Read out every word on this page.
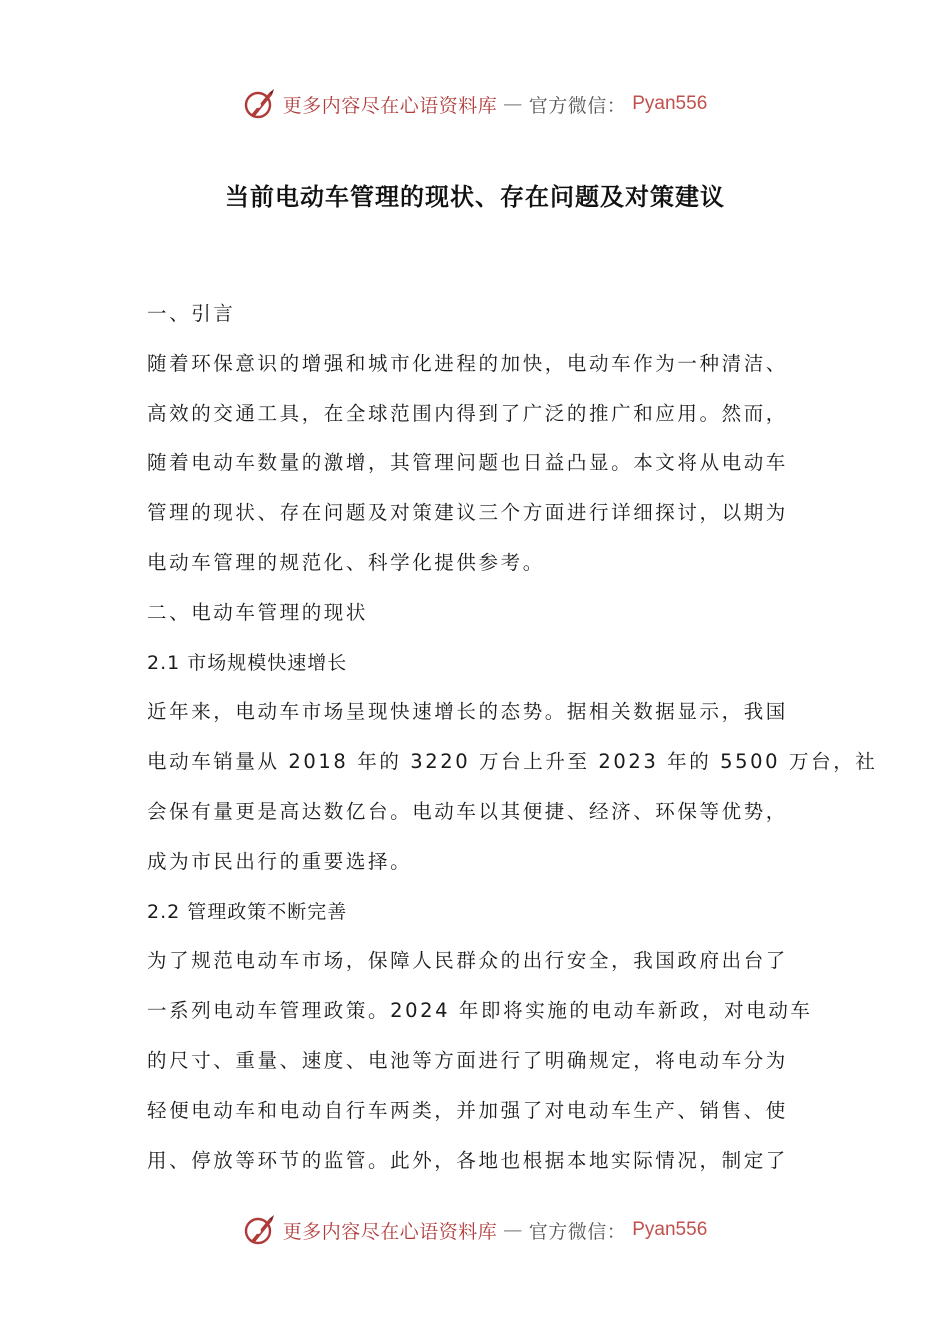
更多内容尽在心语资料库 — 官方微信： Pyan556
当前电动车管理的现状、存在问题及对策建议
一、引言
随着环保意识的增强和城市化进程的加快，电动车作为一种清洁、
高效的交通工具，在全球范围内得到了广泛的推广和应用。然而，
随着电动车数量的激增，其管理问题也日益凸显。本文将从电动车
管理的现状、存在问题及对策建议三个方面进行详细探讨，以期为
电动车管理的规范化、科学化提供参考。
二、电动车管理的现状
2.1 市场规模快速增长
近年来，电动车市场呈现快速增长的态势。据相关数据显示，我国
电动车销量从 2018 年的 3220 万台上升至 2023 年的 5500 万台，社
会保有量更是高达数亿台。电动车以其便捷、经济、环保等优势，
成为市民出行的重要选择。
2.2 管理政策不断完善
为了规范电动车市场，保障人民群众的出行安全，我国政府出台了
一系列电动车管理政策。2024 年即将实施的电动车新政，对电动车
的尺寸、重量、速度、电池等方面进行了明确规定，将电动车分为
轻便电动车和电动自行车两类，并加强了对电动车生产、销售、使
用、停放等环节的监管。此外，各地也根据本地实际情况，制定了
更多内容尽在心语资料库 — 官方微信： Pyan556
